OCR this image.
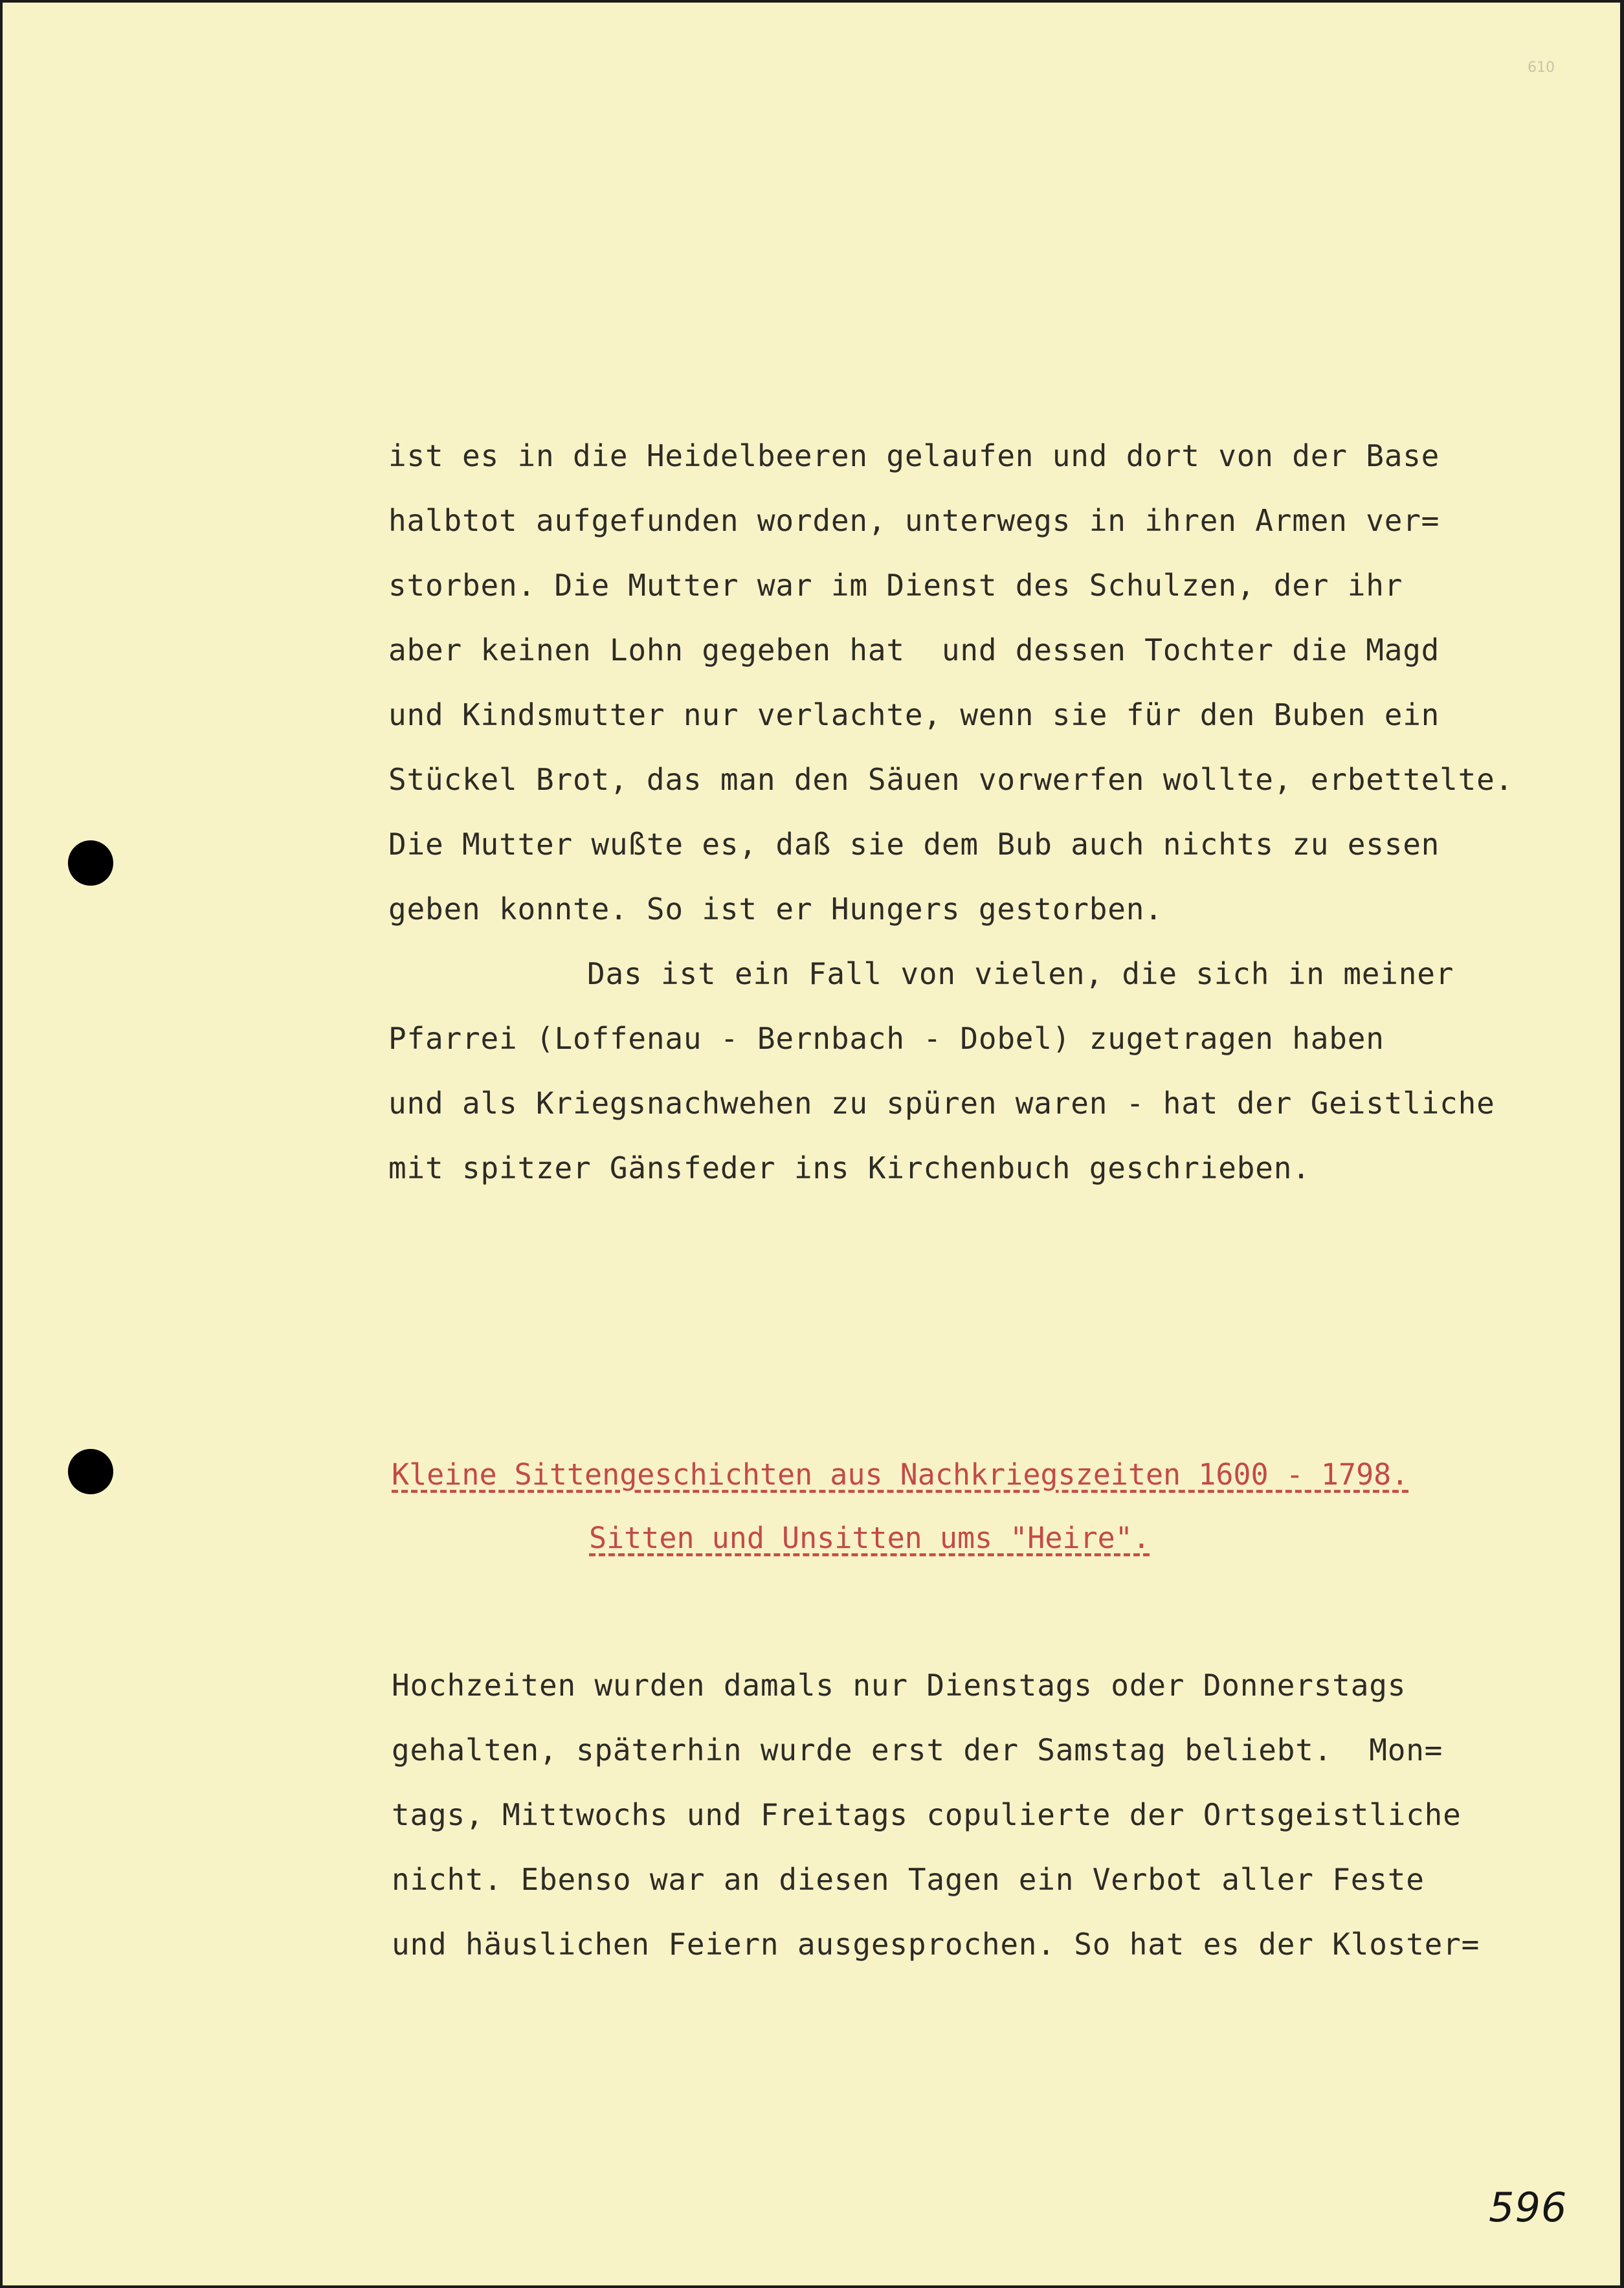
610
ist es in die Heidelbeeren gelaufen und dort von der Base
halbtot aufgefunden worden, unterwegs in ihren Armen ver=
storben. Die Mutter war im Dienst des Schulzen, der ihr
aber keinen Lohn gegeben hat  und dessen Tochter die Magd
und Kindsmutter nur verlachte, wenn sie für den Buben ein
Stückel Brot, das man den Säuen vorwerfen wollte, erbettelte.
Die Mutter wußte es, daß sie dem Bub auch nichts zu essen
geben konnte. So ist er Hungers gestorben.
Das ist ein Fall von vielen, die sich in meiner
Pfarrei (Loffenau - Bernbach - Dobel) zugetragen haben
und als Kriegsnachwehen zu spüren waren - hat der Geistliche
mit spitzer Gänsfeder ins Kirchenbuch geschrieben.
Kleine Sittengeschichten aus Nachkriegszeiten 1600 - 1798.
Sitten und Unsitten ums "Heire".
Hochzeiten wurden damals nur Dienstags oder Donnerstags
gehalten, späterhin wurde erst der Samstag beliebt.  Mon=
tags, Mittwochs und Freitags copulierte der Ortsgeistliche
nicht. Ebenso war an diesen Tagen ein Verbot aller Feste
und häuslichen Feiern ausgesprochen. So hat es der Kloster=
596
